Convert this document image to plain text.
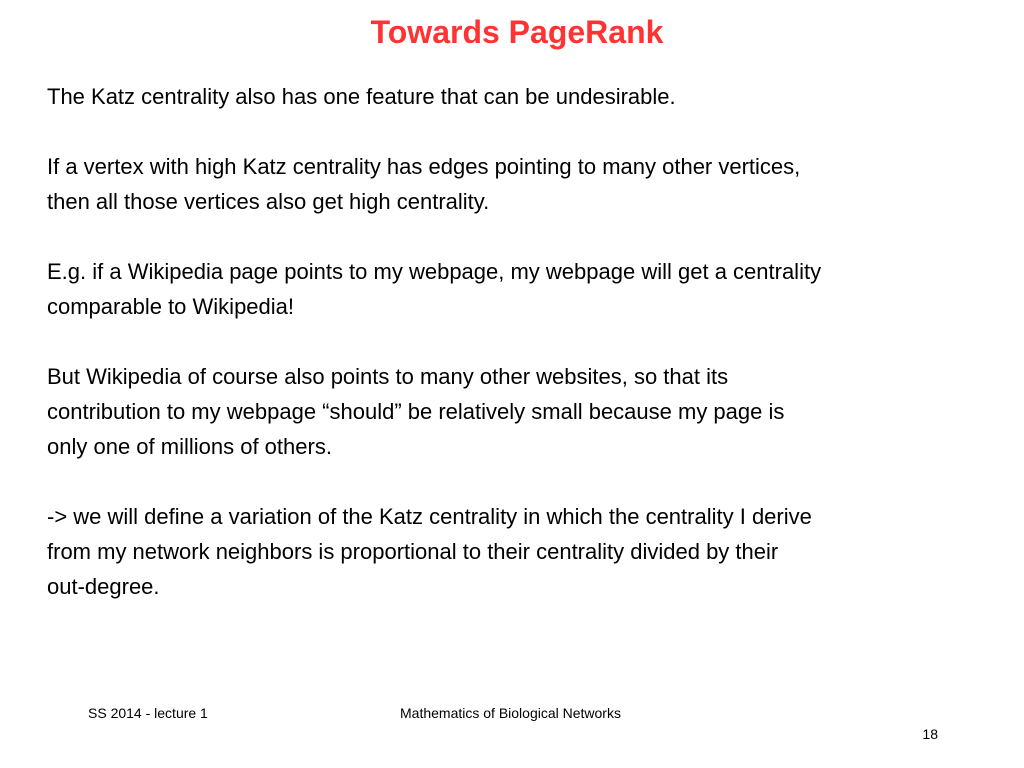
Towards PageRank

The Katz centrality also has one feature that can be undesirable.

If a vertex with high Katz centrality has edges pointing to many other vertices,
then all those vertices also get high centrality.

E.g. if a Wikipedia page points to my webpage, my webpage will get a centrality
comparable to Wikipedia!

But Wikipedia of course also points to many other websites, so that its
contribution to my webpage “should” be relatively small because my page is
only one of millions of others.

-> we will define a variation of the Katz centrality in which the centrality I derive
from my network neighbors is proportional to their centrality divided by their
out-degree.

SS 2014 - lecture 1	Mathematics of Biological Networks
18
